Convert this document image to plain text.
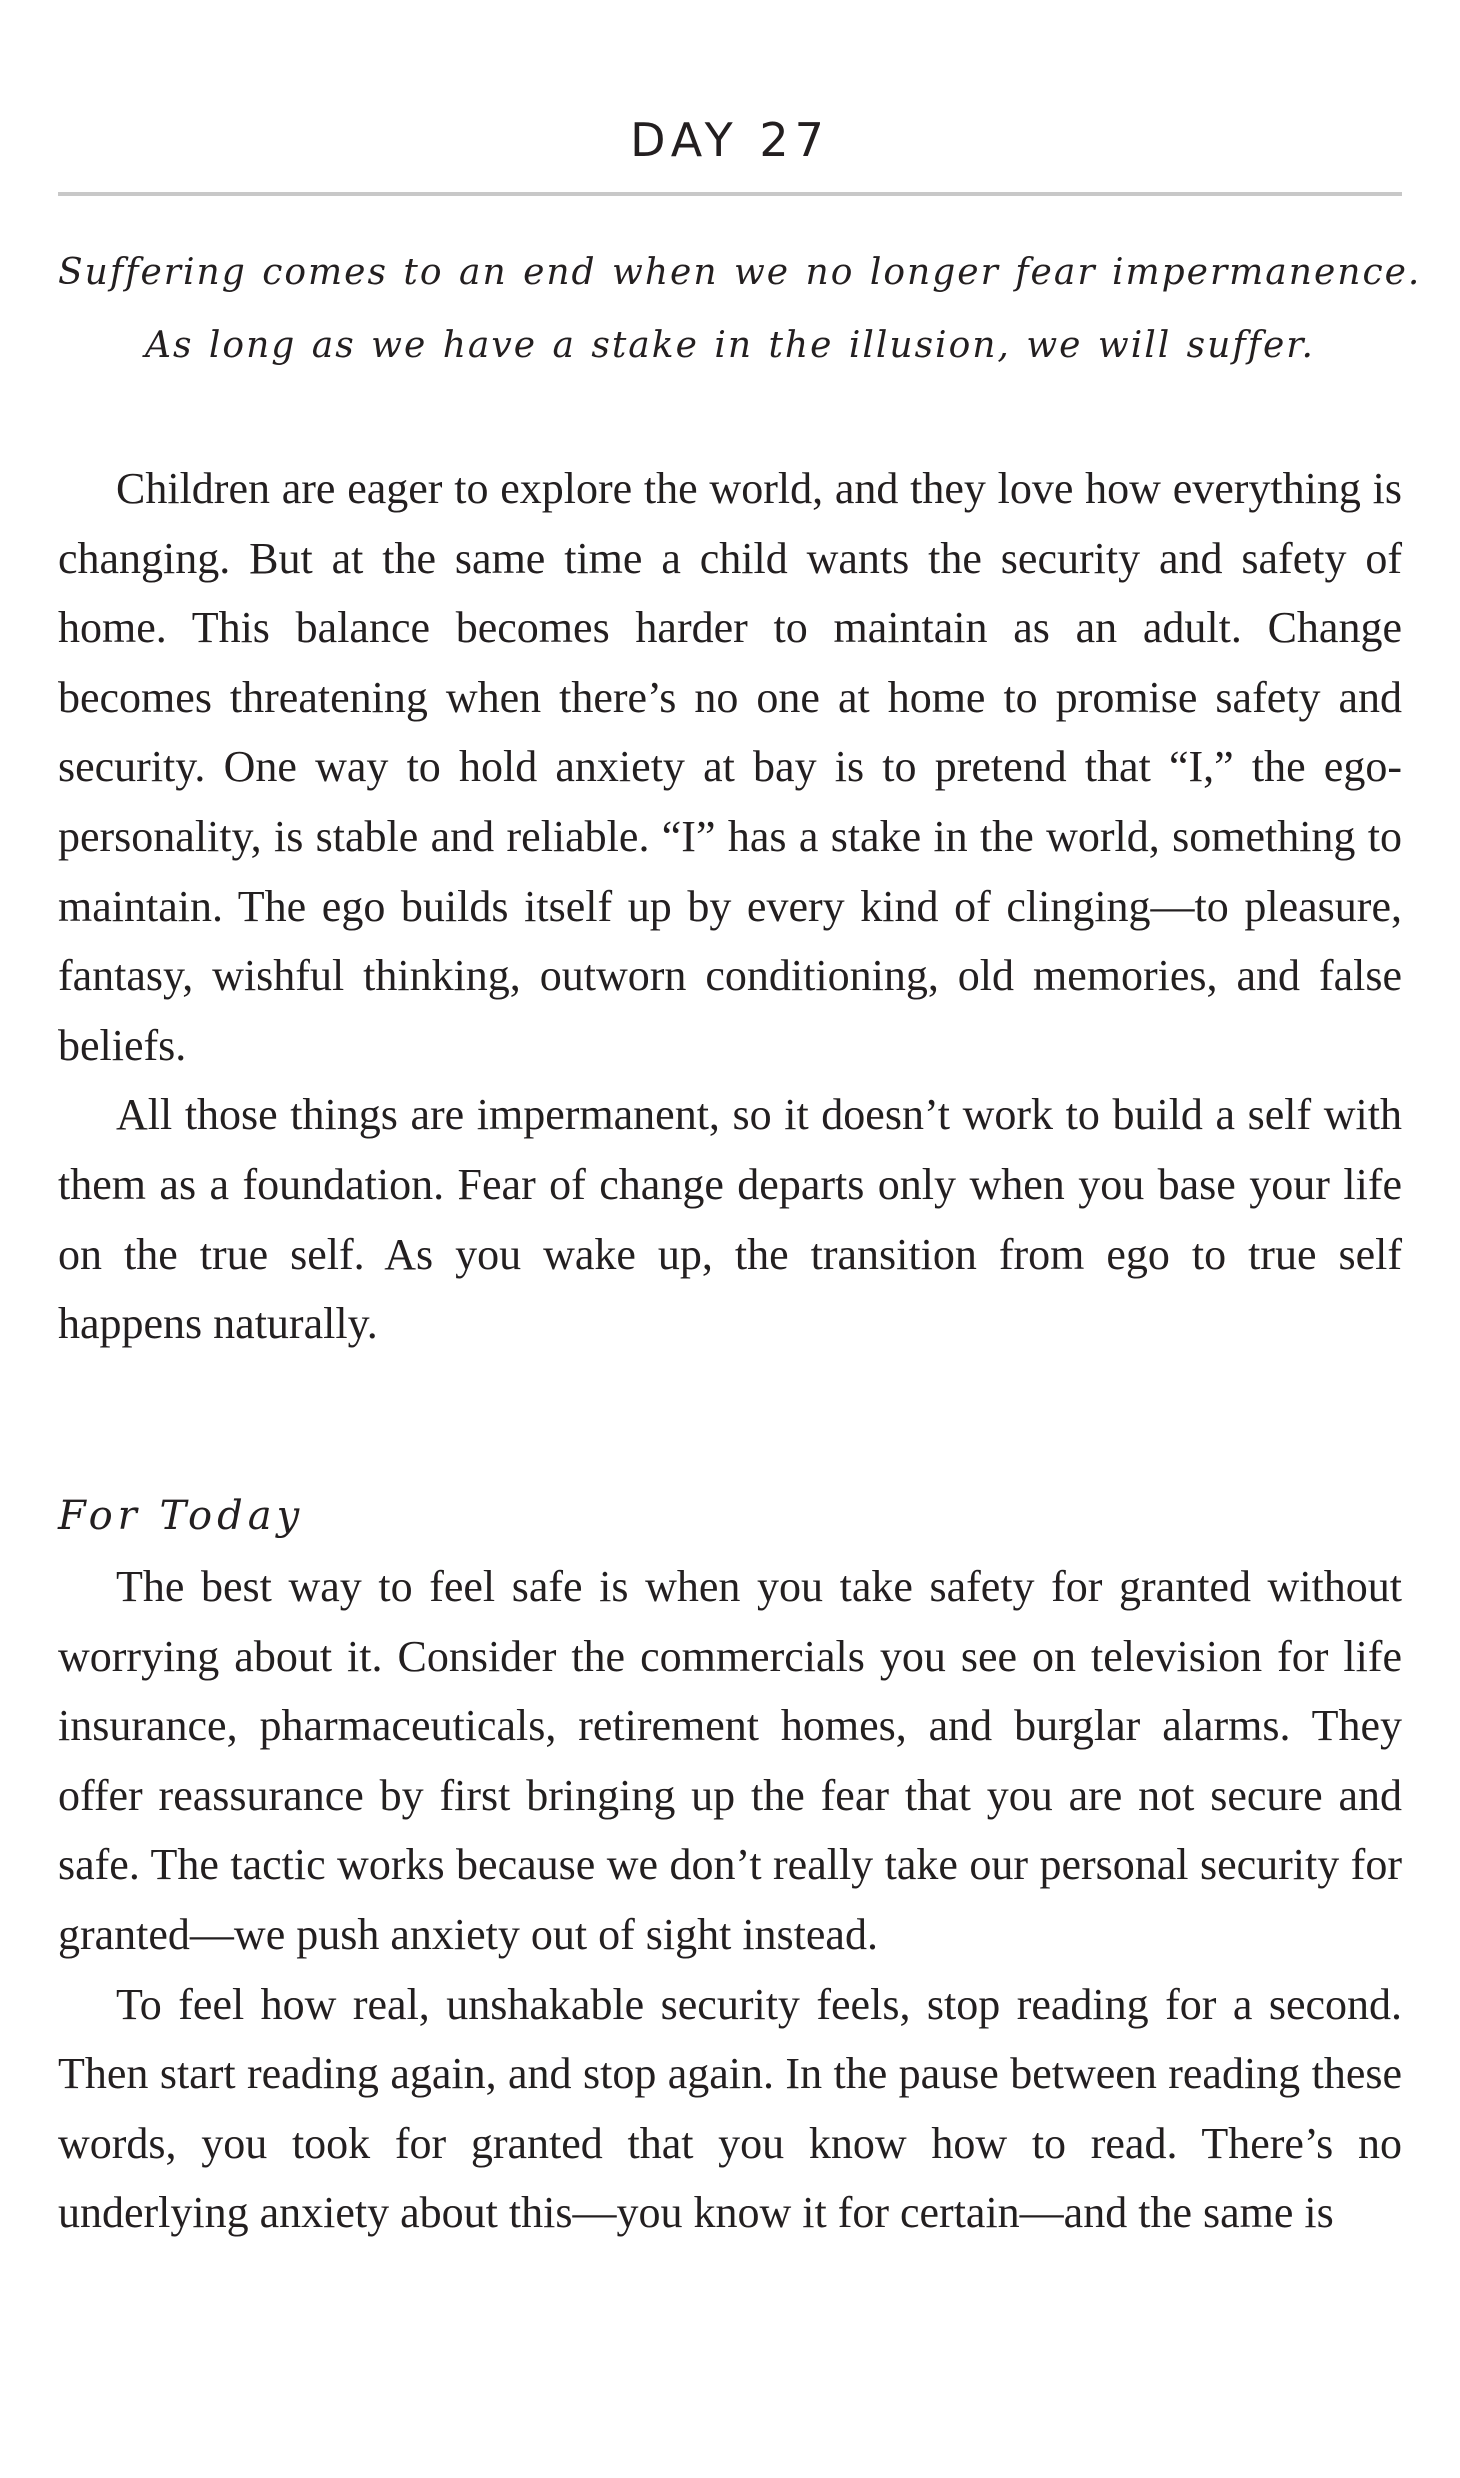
DAY 27
Suffering comes to an end when we no longer fear impermanence.
As long as we have a stake in the illusion, we will suffer.

Children are eager to explore the world, and they love how everything is changing. But at the same time a child wants the security and safety of home. This balance becomes harder to maintain as an adult. Change becomes threatening when there’s no one at home to promise safety and security. One way to hold anxiety at bay is to pretend that “I,” the ego-personality, is stable and reliable. “I” has a stake in the world, something to maintain. The ego builds itself up by every kind of clinging—to pleasure, fantasy, wishful thinking, outworn conditioning, old memories, and false beliefs.

All those things are impermanent, so it doesn’t work to build a self with them as a foundation. Fear of change departs only when you base your life on the true self. As you wake up, the transition from ego to true self happens naturally.

For Today

The best way to feel safe is when you take safety for granted without worrying about it. Consider the commercials you see on television for life insurance, pharmaceuticals, retirement homes, and burglar alarms. They offer reassurance by first bringing up the fear that you are not secure and safe. The tactic works because we don’t really take our personal security for granted—we push anxiety out of sight instead.

To feel how real, unshakable security feels, stop reading for a second. Then start reading again, and stop again. In the pause between reading these words, you took for granted that you know how to read. There’s no underlying anxiety about this—you know it for certain—and the same is
